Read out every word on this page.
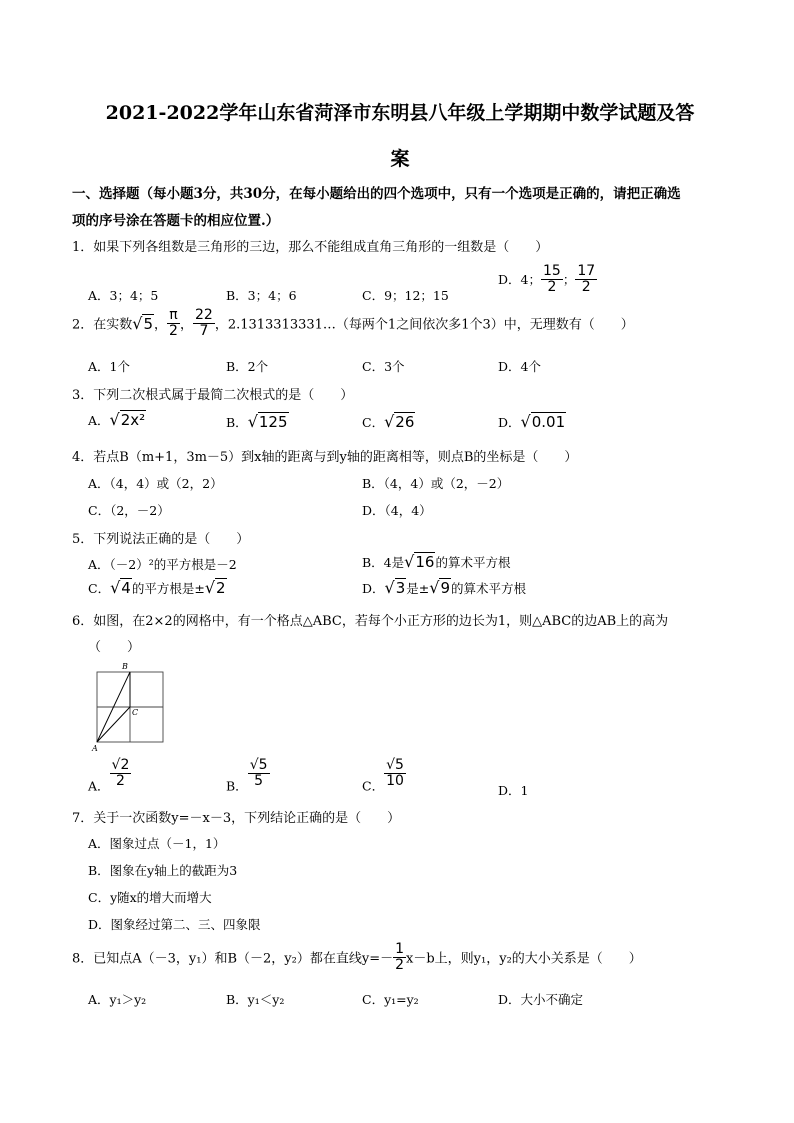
2021-2022学年山东省菏泽市东明县八年级上学期期中数学试题及答
案
一、选择题（每小题3分，共30分，在每小题给出的四个选项中，只有一个选项是正确的，请把正确选
项的序号涂在答题卡的相应位置.）
1．如果下列各组数是三角形的三边，那么不能组成直角三角形的一组数是（　　）
A．3；4；5	B．3；4；6	C．9；12；15
D．4； $\frac{15}{2}$ ； $\frac{17}{2}$
2．在实数√5， $\frac{\pi}{2}$ ， $\frac{22}{7}$ ，2.1313313331…（每两个1之间依次多1个3）中，无理数有（　　）
A．1个	B．2个	C．3个	D．4个
3．下列二次根式属于最简二次根式的是（　　）
A．√2x²	B．√125	C．√26	D．√0.01
4．若点B（m+1，3m－5）到x轴的距离与到y轴的距离相等，则点B的坐标是（　　）
A．（4，4）或（2，2）	B．（4，4）或（2，－2）
C．（2，－2）	D．（4，4）
5．下列说法正确的是（　　）
A．（－2）²的平方根是－2	B．4是√16的算术平方根
C．√4的平方根是±√2	D．√3是±√9的算术平方根
6．如图，在2×2的网格中，有一个格点△ABC，若每个小正方形的边长为1，则△ABC的边AB上的高为
（　　）
A
B
C
A． $\frac{√2}{2}$	B． $\frac{√5}{5}$	C． $\frac{√5}{10}$
D．1
7．关于一次函数y=－x－3，下列结论正确的是（　　）
A．图象过点（－1，1）
B．图象在y轴上的截距为3
C．y随x的增大而增大
D．图象经过第二、三、四象限
8．已知点A（－3，y₁）和B（－2，y₂）都在直线$y=- \frac{1}{2} x-b$上，则y₁，y₂的大小关系是（　　）
A．y₁＞y₂	B．y₁＜y₂	C．y₁=y₂	D．大小不确定
